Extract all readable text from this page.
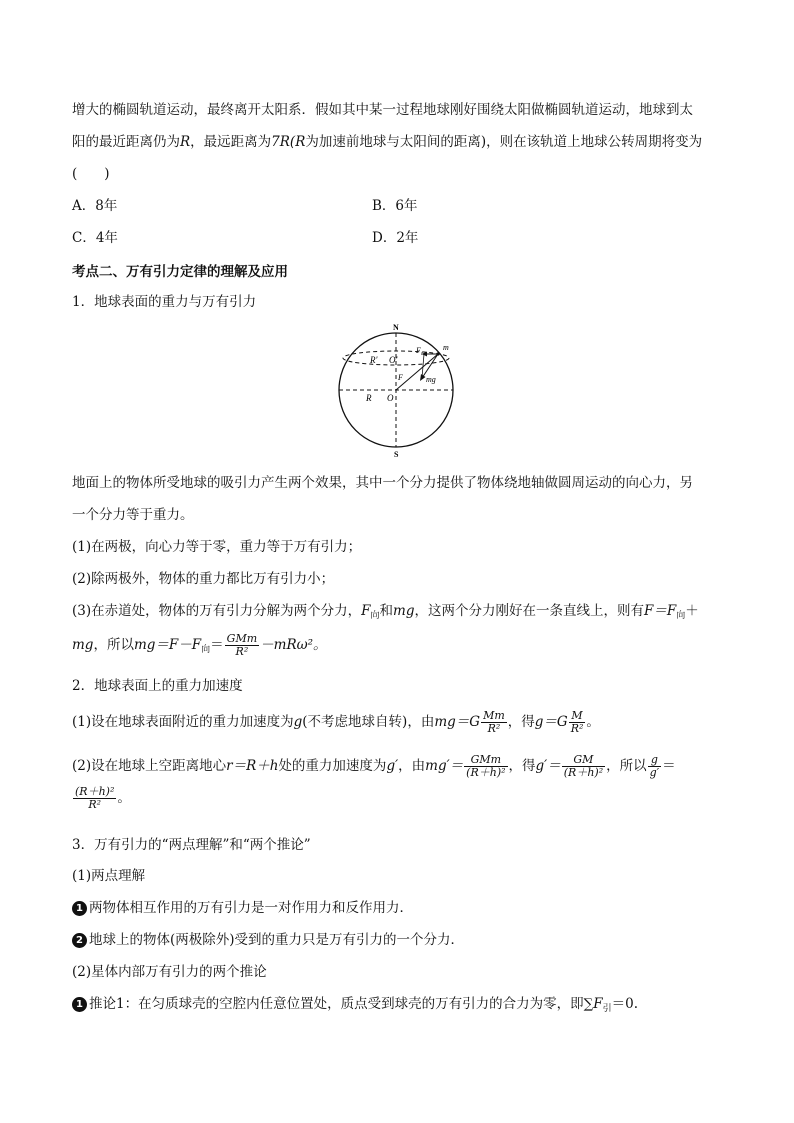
增大的椭圆轨道运动，最终离开太阳系．假如其中某一过程地球刚好围绕太阳做椭圆轨道运动，地球到太
阳的最近距离仍为R，最远距离为7R(R为加速前地球与太阳间的距离)，则在该轨道上地球公转周期将变为
(　　)
A．8年	B．6年
C．4年	D．2年
考点二、万有引力定律的理解及应用
1．地球表面的重力与万有引力
N
S
R' O'
F n
m
F	mg
R O
地面上的物体所受地球的吸引力产生两个效果，其中一个分力提供了物体绕地轴做圆周运动的向心力，另
一个分力等于重力。
(1)在两极，向心力等于零，重力等于万有引力；
(2)除两极外，物体的重力都比万有引力小；
(3)在赤道处，物体的万有引力分解为两个分力，$F_向$和mg，这两个分力刚好在一条直线上，则有$F=F_向+$
mg，所以$mg=F-F_向= \frac{\text{GMm}}{\text{R²}} -mR\omega^2$。
2．地球表面上的重力加速度
(1)设在地球表面附近的重力加速度为g(不考虑地球自转)，由$mg=G \frac{Mm}{\text{R²}}$ ，得$g=G \frac{M}{\text{R²}}$ 。
(2)设在地球上空距离地心r＝R＋h处的重力加速度为g′，由$mg'= \frac{\text{GMm}}{\text{(R＋h)²}}$ ，得$g'= \frac{GM}{\text{(R＋h)²}}$ ，所以 $\frac{g}{g'}$ ＝
$\frac{\text{(R＋h)²}}{\text{R²}}$ 。
3．万有引力的“两点理解”和“两个推论”
(1)两点理解
1 两物体相互作用的万有引力是一对作用力和反作用力．
2 地球上的物体(两极除外)受到的重力只是万有引力的一个分力．
(2)星体内部万有引力的两个推论
1 推论1：在匀质球壳的空腔内任意位置处，质点受到球壳的万有引力的合力为零，即$\sum F_引=0$.
